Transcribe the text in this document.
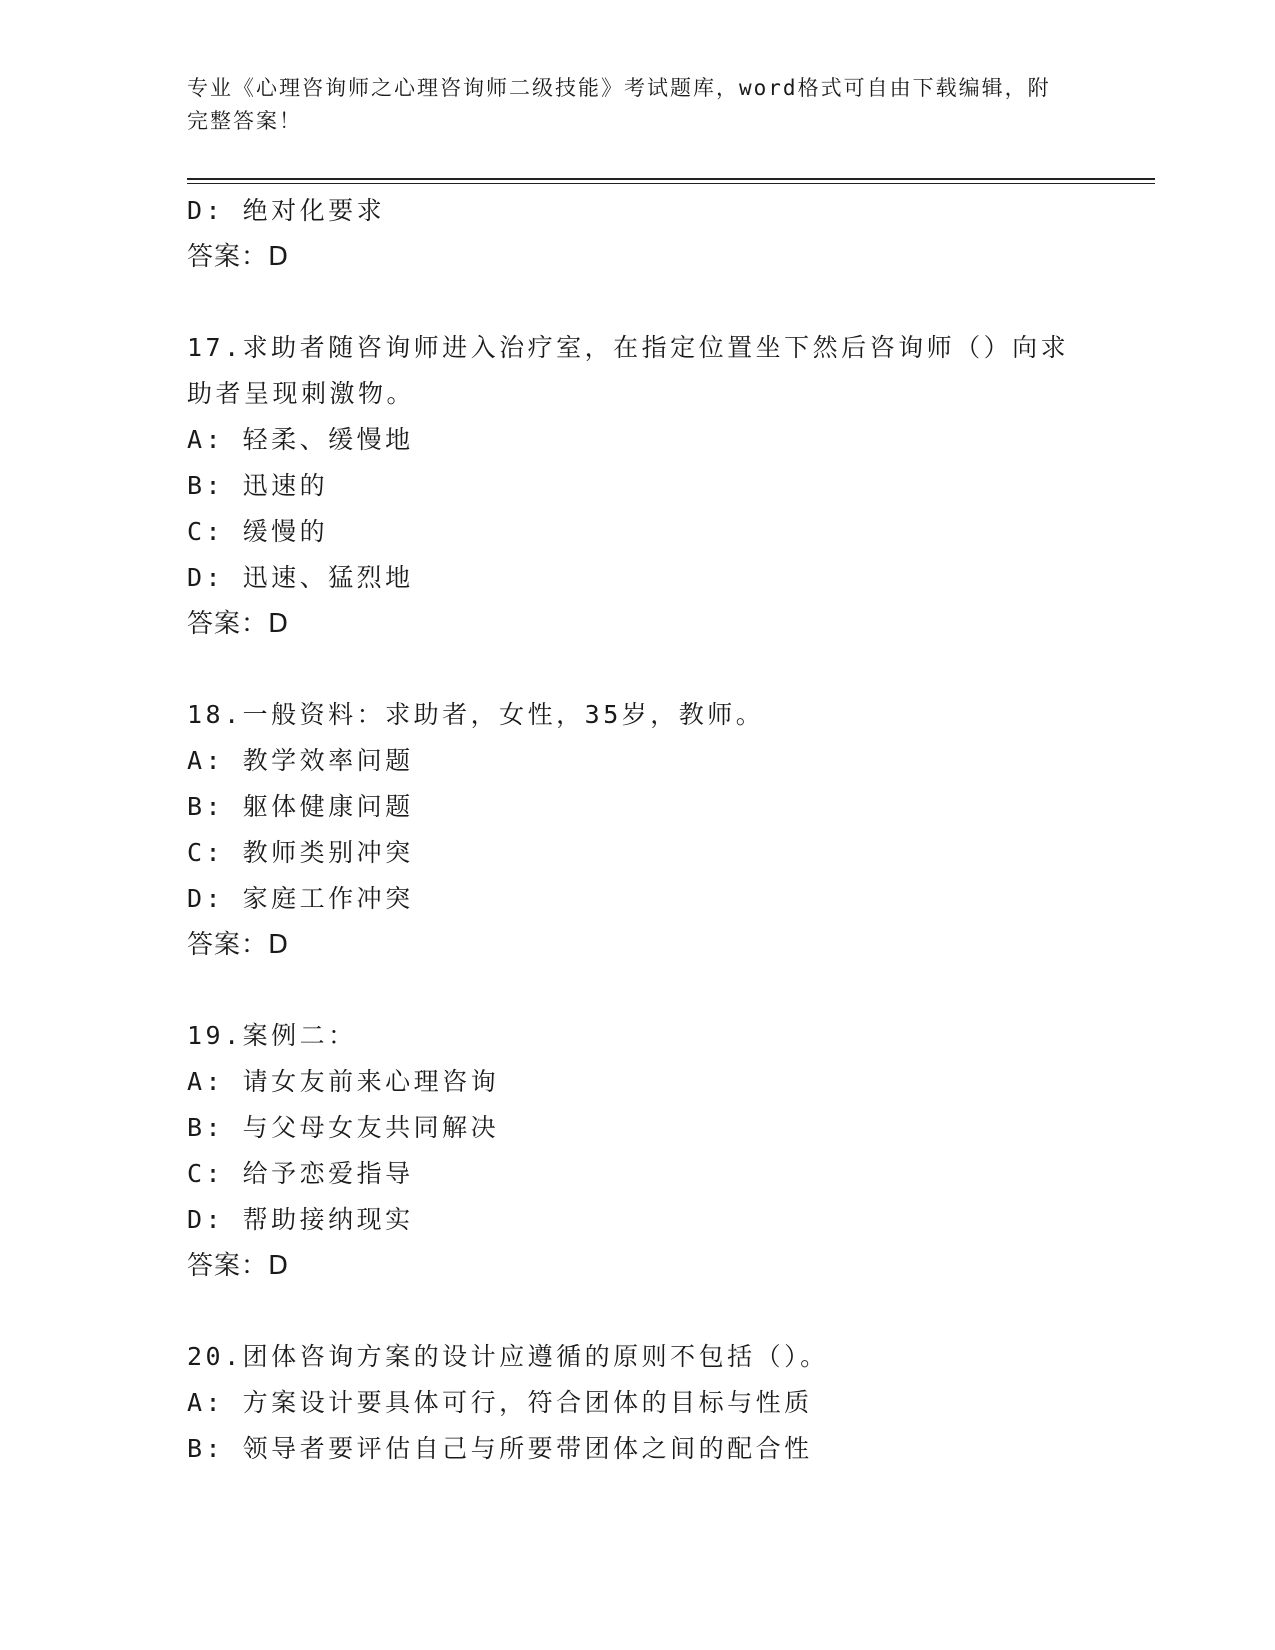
专业《心理咨询师之心理咨询师二级技能》考试题库，word格式可自由下载编辑，附完整答案！
D: 绝对化要求
答案：D
17.求助者随咨询师进入治疗室，在指定位置坐下然后咨询师（）向求
助者呈现刺激物。
A: 轻柔、缓慢地
B: 迅速的
C: 缓慢的
D: 迅速、猛烈地
答案：D
18.一般资料：求助者，女性，35岁，教师。
A: 教学效率问题
B: 躯体健康问题
C: 教师类别冲突
D: 家庭工作冲突
答案：D
19.案例二：
A: 请女友前来心理咨询
B: 与父母女友共同解决
C: 给予恋爱指导
D: 帮助接纳现实
答案：D
20.团体咨询方案的设计应遵循的原则不包括（）。
A: 方案设计要具体可行，符合团体的目标与性质
B: 领导者要评估自己与所要带团体之间的配合性
